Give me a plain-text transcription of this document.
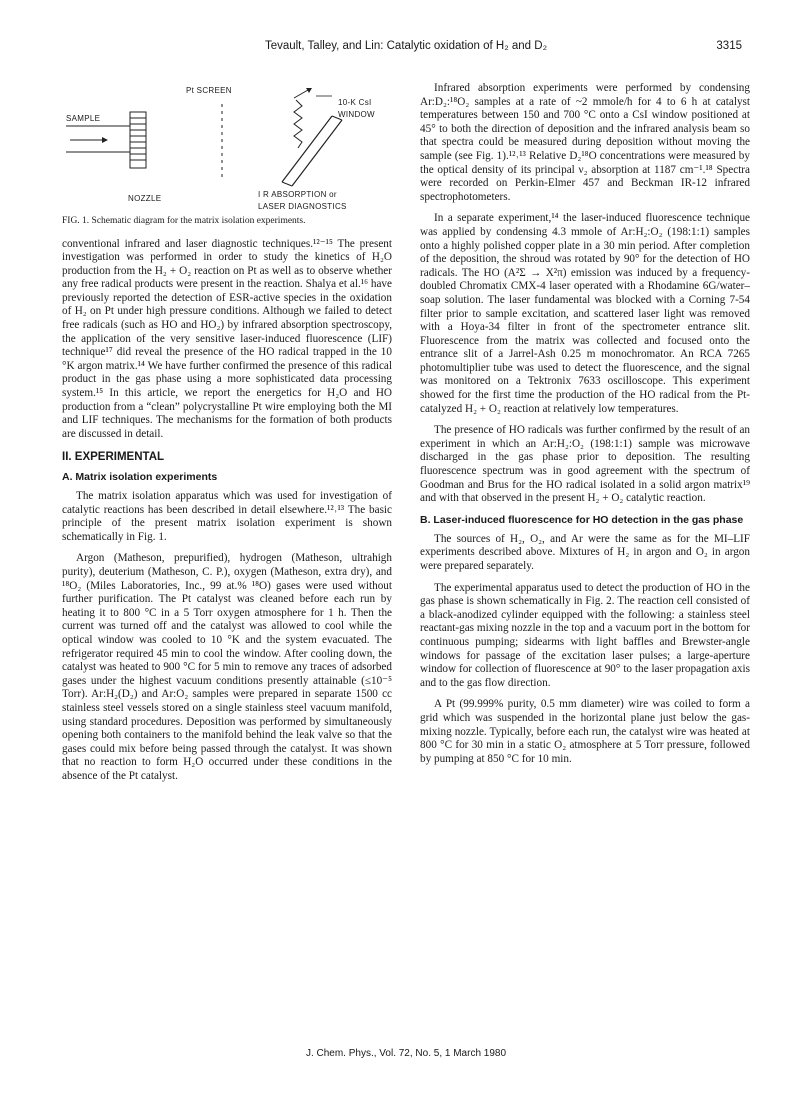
Tevault, Talley, and Lin: Catalytic oxidation of H₂ and D₂	3315
Pt SCREEN
SAMPLE
10-K CsI
WINDOW
NOZZLE	I R ABSORPTION or
LASER DIAGNOSTICS
FIG. 1. Schematic diagram for the matrix isolation experiments.

conventional infrared and laser diagnostic techniques.¹²⁻¹⁵ The present investigation was performed in order to study the kinetics of H₂O production from the H₂ + O₂ reaction on Pt as well as to observe whether any free radical products were present in the reaction. Shalya et al.¹⁶ have previously reported the detection of ESR-active species in the oxidation of H₂ on Pt under high pressure conditions. Although we failed to detect free radicals (such as HO and HO₂) by infrared absorption spectroscopy, the application of the very sensitive laser-induced fluorescence (LIF) technique¹⁷ did reveal the presence of the HO radical trapped in the 10 °K argon matrix.¹⁴ We have further confirmed the presence of this radical product in the gas phase using a more sophisticated data processing system.¹⁵ In this article, we report the energetics for H₂O and HO production from a “clean” polycrystalline Pt wire employing both the MI and LIF techniques. The mechanisms for the formation of both products are discussed in detail.

II. EXPERIMENTAL
A. Matrix isolation experiments

The matrix isolation apparatus which was used for investigation of catalytic reactions has been described in detail elsewhere.¹²˒¹³ The basic principle of the present matrix isolation experiment is shown schematically in Fig. 1.

Argon (Matheson, prepurified), hydrogen (Matheson, ultrahigh purity), deuterium (Matheson, C. P.), oxygen (Matheson, extra dry), and ¹⁸O₂ (Miles Laboratories, Inc., 99 at.% ¹⁸O) gases were used without further purification. The Pt catalyst was cleaned before each run by heating it to 800 °C in a 5 Torr oxygen atmosphere for 1 h. Then the current was turned off and the catalyst was allowed to cool while the optical window was cooled to 10 °K and the system evacuated. The refrigerator required 45 min to cool the window. After cooling down, the catalyst was heated to 900 °C for 5 min to remove any traces of adsorbed gases under the highest vacuum conditions presently attainable (≤10⁻⁵ Torr). Ar:H₂(D₂) and Ar:O₂ samples were prepared in separate 1500 cc stainless steel vessels stored on a single stainless steel vacuum manifold, using standard procedures. Deposition was performed by simultaneously opening both containers to the manifold behind the leak valve so that the gases could mix before being passed through the catalyst. It was shown that no reaction to form H₂O occurred under these conditions in the absence of the Pt catalyst.

Infrared absorption experiments were performed by condensing Ar:D₂:¹⁸O₂ samples at a rate of ~2 mmole/h for 4 to 6 h at catalyst temperatures between 150 and 700 °C onto a CsI window positioned at 45° to both the direction of deposition and the infrared analysis beam so that spectra could be measured during deposition without moving the sample (see Fig. 1).¹²˒¹³ Relative D₂¹⁸O concentrations were measured by the optical density of its principal ν₂ absorption at 1187 cm⁻¹.¹⁸ Spectra were recorded on Perkin-Elmer 457 and Beckman IR-12 infrared spectrophotometers.

In a separate experiment,¹⁴ the laser-induced fluorescence technique was applied by condensing 4.3 mmole of Ar:H₂:O₂ (198:1:1) samples onto a highly polished copper plate in a 30 min period. After completion of the deposition, the shroud was rotated by 90° for the detection of HO radicals. The HO (A²Σ → X²π) emission was induced by a frequency-doubled Chromatix CMX-4 laser operated with a Rhodamine 6G/water–soap solution. The laser fundamental was blocked with a Corning 7-54 filter prior to sample excitation, and scattered laser light was removed with a Hoya-34 filter in front of the spectrometer entrance slit. Fluorescence from the matrix was collected and focused onto the entrance slit of a Jarrel-Ash 0.25 m monochromator. An RCA 7265 photomultiplier tube was used to detect the fluorescence, and the signal was monitored on a Tektronix 7633 oscilloscope. This experiment showed for the first time the production of the HO radical from the Pt-catalyzed H₂ + O₂ reaction at relatively low temperatures.

The presence of HO radicals was further confirmed by the result of an experiment in which an Ar:H₂:O₂ (198:1:1) sample was microwave discharged in the gas phase prior to deposition. The resulting fluorescence spectrum was in good agreement with the spectrum of Goodman and Brus for the HO radical isolated in a solid argon matrix¹⁹ and with that observed in the present H₂ + O₂ catalytic reaction.

B. Laser-induced fluorescence for HO detection in the gas phase

The sources of H₂, O₂, and Ar were the same as for the MI–LIF experiments described above. Mixtures of H₂ in argon and O₂ in argon were prepared separately.

The experimental apparatus used to detect the production of HO in the gas phase is shown schematically in Fig. 2. The reaction cell consisted of a black-anodized cylinder equipped with the following: a stainless steel reactant-gas mixing nozzle in the top and a vacuum port in the bottom for continuous pumping; sidearms with light baffles and Brewster-angle windows for passage of the excitation laser pulses; a large-aperture window for collection of fluorescence at 90° to the laser propagation axis and to the gas flow direction.

A Pt (99.999% purity, 0.5 mm diameter) wire was coiled to form a grid which was suspended in the horizontal plane just below the gas-mixing nozzle. Typically, before each run, the catalyst wire was heated at 800 °C for 30 min in a static O₂ atmosphere at 5 Torr pressure, followed by pumping at 850 °C for 10 min.

J. Chem. Phys., Vol. 72, No. 5, 1 March 1980
